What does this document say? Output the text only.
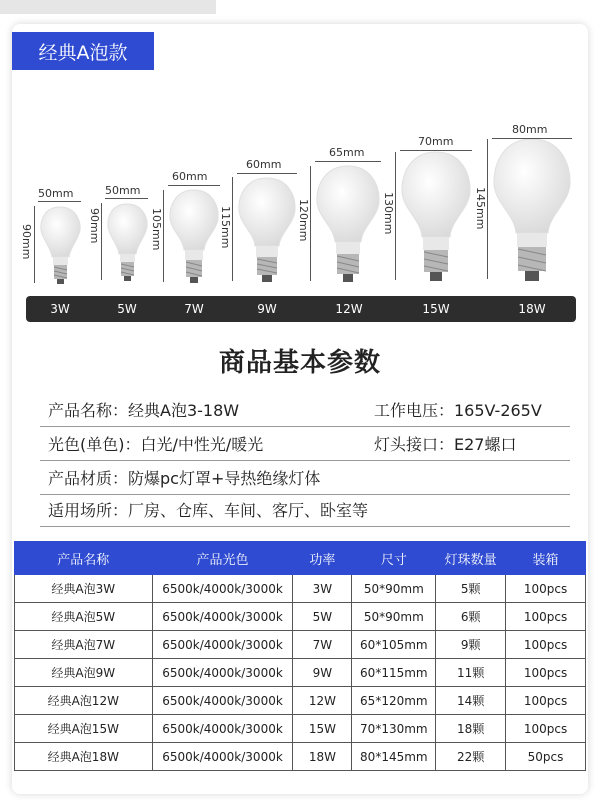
经典A泡款
50mm
90mm
50mm
90mm
60mm
105mm
60mm
115mm
65mm
120mm
70mm
130mm
80mm
145mm
3W	5W	7W	9W	12W	15W	18W
商品基本参数
产品名称：经典A泡3-18W	工作电压：165V-265V
光色(单色)：白光/中性光/暖光	灯头接口：E27螺口
产品材质：防爆pc灯罩+导热绝缘灯体
适用场所：厂房、仓库、车间、客厅、卧室等
产品名称	产品光色	功率	尺寸	灯珠数量	装箱
经典A泡3W	6500k/4000k/3000k	3W	50*90mm	5颗	100pcs
经典A泡5W	6500k/4000k/3000k	5W	50*90mm	6颗	100pcs
经典A泡7W	6500k/4000k/3000k	7W	60*105mm	9颗	100pcs
经典A泡9W	6500k/4000k/3000k	9W	60*115mm	11颗	100pcs
经典A泡12W	6500k/4000k/3000k	12W	65*120mm	14颗	100pcs
经典A泡15W	6500k/4000k/3000k	15W	70*130mm	18颗	100pcs
经典A泡18W	6500k/4000k/3000k	18W	80*145mm	22颗	50pcs
